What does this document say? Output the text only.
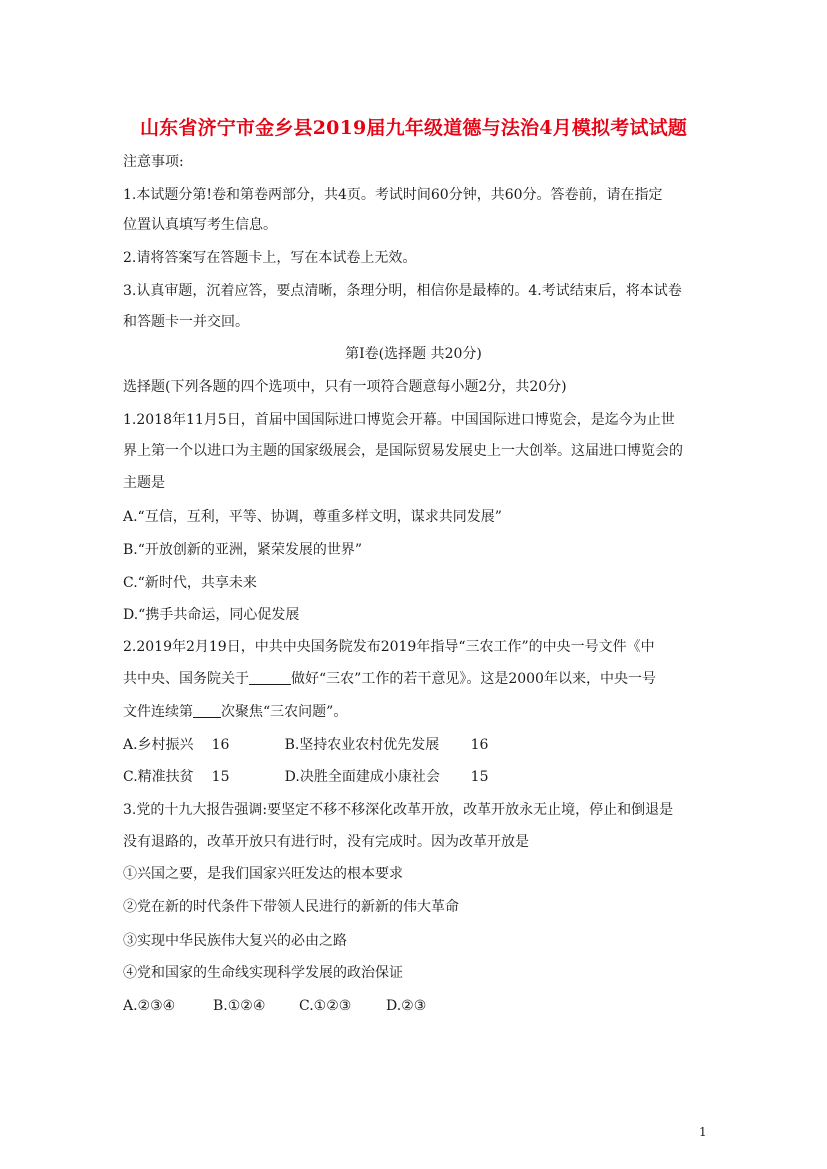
山东省济宁市金乡县2019届九年级道德与法治4月模拟考试试题
注意事项:
1.本试题分第!卷和第卷两部分，共4页。考试时间60分钟，共60分。答卷前，请在指定
位置认真填写考生信息。
2.请将答案写在答题卡上，写在本试卷上无效。
3.认真审题，沉着应答，要点清晰，条理分明，相信你是最棒的。4.考试结束后，将本试卷
和答题卡一并交回。
第Ⅰ卷(选择题 共20分)
选择题(下列各题的四个选项中，只有一项符合题意每小题2分，共20分)
1.2018年11月5日，首届中国国际进口博览会开幕。中国国际进口博览会，是迄今为止世
界上第一个以进口为主题的国家级展会，是国际贸易发展史上一大创举。这届进口博览会的
主题是
A.“互信，互利，平等、协调，尊重多样文明，谋求共同发展”
B.“开放创新的亚洲，紧荣发展的世界”
C.“新时代，共享未来
D.“携手共命运，同心促发展
2.2019年2月19日，中共中央国务院发布2019年指导“三农工作”的中央一号文件《中
共中央、国务院关于	做好“三农”工作的若干意见》。这是2000年以来，中央一号
文件连续第 次聚焦“三农问题”。
A.乡村振兴 16	B.坚持农业农村优先发展 16
C.精准扶贫 15	D.决胜全面建成小康社会 15
3.党的十九大报告强调:要坚定不移不移深化改革开放，改革开放永无止境，停止和倒退是
没有退路的，改革开放只有进行时，没有完成时。因为改革开放是
①兴国之要，是我们国家兴旺发达的根本要求
②党在新的时代条件下带领人民进行的新新的伟大革命
③实现中华民族伟大复兴的必由之路
④党和国家的生命线实现科学发展的政治保证
A.②③④	B.①②④ C.①②③ D.②③
1
